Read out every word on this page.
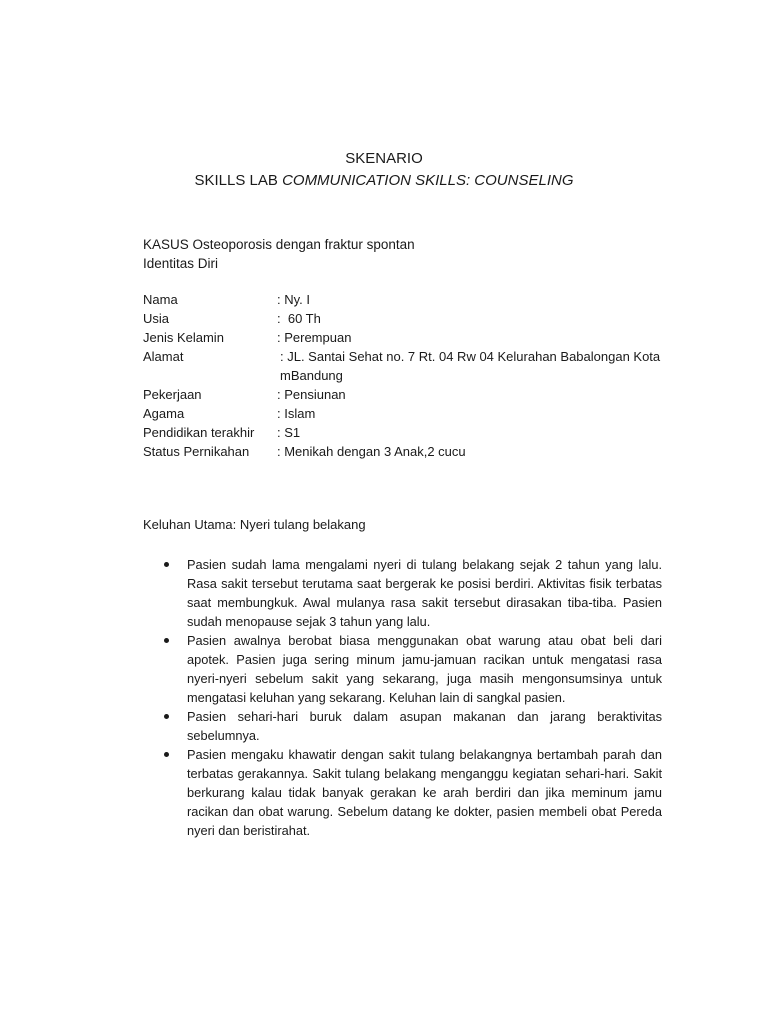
SKENARIO
SKILLS LAB COMMUNICATION SKILLS: COUNSELING
KASUS Osteoporosis dengan fraktur spontan
Identitas Diri
Nama	: Ny. I
Usia	:  60 Th
Jenis Kelamin	: Perempuan
Alamat	: JL. Santai Sehat no. 7 Rt. 04 Rw 04 Kelurahan Babalongan Kota mBandung
Pekerjaan	: Pensiunan
Agama	: Islam
Pendidikan terakhir	: S1
Status Pernikahan	: Menikah dengan 3 Anak,2 cucu
Keluhan Utama: Nyeri tulang belakang
Pasien sudah lama mengalami nyeri di tulang belakang sejak 2 tahun yang lalu. Rasa sakit tersebut terutama saat bergerak ke posisi berdiri. Aktivitas fisik terbatas saat membungkuk. Awal mulanya rasa sakit tersebut dirasakan tiba-tiba. Pasien sudah menopause sejak 3 tahun yang lalu.
Pasien awalnya berobat biasa menggunakan obat warung atau obat beli dari apotek. Pasien juga sering minum jamu-jamuan racikan untuk mengatasi rasa nyeri-nyeri sebelum sakit yang sekarang, juga masih mengonsumsinya untuk mengatasi keluhan yang sekarang. Keluhan lain di sangkal pasien.
Pasien sehari-hari buruk dalam asupan makanan dan jarang beraktivitas sebelumnya.
Pasien mengaku khawatir dengan sakit tulang belakangnya bertambah parah dan terbatas gerakannya. Sakit tulang belakang menganggu kegiatan sehari-hari. Sakit berkurang kalau tidak banyak gerakan ke arah berdiri dan jika meminum jamu racikan dan obat warung. Sebelum datang ke dokter, pasien membeli obat Pereda nyeri dan beristirahat.
